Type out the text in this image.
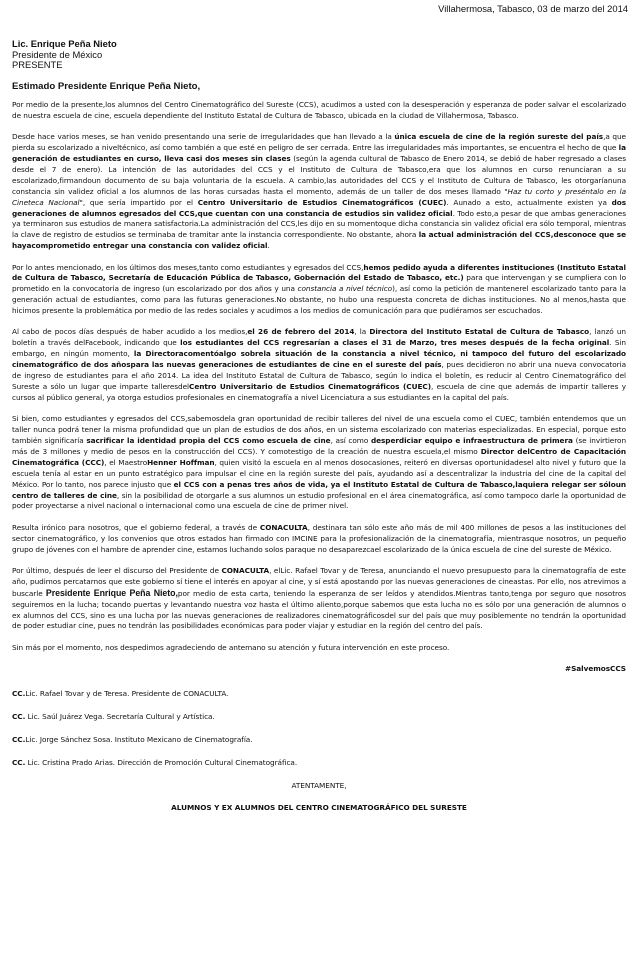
Villahermosa, Tabasco, 03 de marzo del 2014
Lic. Enrique Peña Nieto
Presidente de México
PRESENTE
Estimado Presidente Enrique Peña Nieto,

Por medio de la presente,los alumnos del Centro Cinematográfico del Sureste (CCS), acudimos a usted con la desesperación y esperanza de poder salvar el escolarizado de nuestra escuela de cine, escuela dependiente del Instituto Estatal de Cultura de Tabasco, ubicada en la ciudad de Villahermosa, Tabasco.

Desde hace varios meses, se han venido presentando una serie de irregularidades que han llevado a la única escuela de cine de la región sureste del país,a que pierda su escolarizado a niveltécnico, así como también a que esté en peligro de ser cerrada. Entre las irregularidades más importantes, se encuentra el hecho de que la generación de estudiantes en curso, lleva casi dos meses sin clases (según la agenda cultural de Tabasco de Enero 2014, se debió de haber regresado a clases desde el 7 de enero). La intención de las autoridades del CCS y el Instituto de Cultura de Tabasco,era que los alumnos en curso renunciaran a su escolarizado,firmandoun documento de su baja voluntaria de la escuela. A cambio,las autoridades del CCS y el Instituto de Cultura de Tabasco, les otorgaríanuna constancia sin validez oficial a los alumnos de las horas cursadas hasta el momento, además de un taller de dos meses llamado "Haz tu corto y preséntalo en la Cineteca Nacional", que sería impartido por el Centro Universitario de Estudios Cinematográficos (CUEC). Aunado a esto, actualmente existen ya dos generaciones de alumnos egresados del CCS,que cuentan con una constancia de estudios sin validez oficial. Todo esto,a pesar de que ambas generaciones ya terminaron sus estudios de manera satisfactoria.La administración del CCS,les dijo en su momentoque dicha constancia sin validez oficial era sólo temporal, mientras la clave de registro de estudios se terminaba de tramitar ante la instancia correspondiente. No obstante, ahora la actual administración del CCS,desconoce que se hayacomprometido entregar una constancia con validez oficial.

Por lo antes mencionado, en los últimos dos meses,tanto como estudiantes y egresados del CCS,hemos pedido ayuda a diferentes instituciones (Instituto Estatal de Cultura de Tabasco, Secretaría de Educación Pública de Tabasco, Gobernación del Estado de Tabasco, etc.) para que intervengan y se cumpliera con lo prometido en la convocatoria de ingreso (un escolarizado por dos años y una constancia a nivel técnico), así como la petición de mantenerel escolarizado tanto para la generación actual de estudiantes, como para las futuras generaciones.No obstante, no hubo una respuesta concreta de dichas instituciones. No al menos,hasta que hicimos presente la problemática por medio de las redes sociales y acudimos a los medios de comunicación para que pudiéramos ser escuchados.

Al cabo de pocos días después de haber acudido a los medios,el 26 de febrero del 2014, la Directora del Instituto Estatal de Cultura de Tabasco, lanzó un boletín a través delFacebook, indicando que los estudiantes del CCS regresarían a clases el 31 de Marzo, tres meses después de la fecha original. Sin embargo, en ningún momento, la Directoracomentóalgo sobrela situación de la constancia a nivel técnico, ni tampoco del futuro del escolarizado cinematográfico de dos añospara las nuevas generaciones de estudiantes de cine en el sureste del país, pues decidieron no abrir una nueva convocatoria de ingreso de estudiantes para el año 2014. La idea del Instituto Estatal de Cultura de Tabasco, según lo indica el boletín, es reducir al Centro Cinematográfico del Sureste a sólo un lugar que imparte talleresdelCentro Universitario de Estudios Cinematográficos (CUEC), escuela de cine que además de impartir talleres y cursos al público general, ya otorga estudios profesionales en cinematografía a nivel Licenciatura a sus estudiantes en la capital del país.

Si bien, como estudiantes y egresados del CCS,sabemosdela gran oportunidad de recibir talleres del nivel de una escuela como el CUEC, también entendemos que un taller nunca podrá tener la misma profundidad que un plan de estudios de dos años, en un sistema escolarizado con materias especializadas. En especial, porque esto también significaría sacrificar la identidad propia del CCS como escuela de cine, así como desperdiciar equipo e infraestructura de primera (se invirtieron más de 3 millones y medio de pesos en la construcción del CCS). Y comotestigo de la creación de nuestra escuela,el mismo Director delCentro de Capacitación Cinematográfica (CCC), el MaestroHenner Hoffman, quien visitó la escuela en al menos dosocasiones, reiteró en diversas oportunidadesel alto nivel y futuro que la escuela tenía al estar en un punto estratégico para impulsar el cine en la región sureste del país, ayudando así a descentralizar la industria del cine de la capital del México. Por lo tanto, nos parece injusto que el CCS con a penas tres años de vida, ya el Instituto Estatal de Cultura de Tabasco,laquiera relegar ser sóloun centro de talleres de cine, sin la posibilidad de otorgarle a sus alumnos un estudio profesional en el área cinematográfica, así como tampoco darle la oportunidad de poder proyectarse a nivel nacional o internacional como una escuela de cine de primer nivel.

Resulta irónico para nosotros, que el gobierno federal, a través de CONACULTA, destinara tan sólo este año más de mil 400 millones de pesos a las instituciones del sector cinematográfico, y los convenios que otros estados han firmado con IMCINE para la profesionalización de la cinematografía, mientrasque nosotros, un pequeño grupo de jóvenes con el hambre de aprender cine, estamos luchando solos paraque no desaparezcael escolarizado de la única escuela de cine del sureste de México.

Por último, después de leer el discurso del Presidente de CONACULTA, elLic. Rafael Tovar y de Teresa, anunciando el nuevo presupuesto para la cinematografía de este año, pudimos percatarnos que este gobierno sí tiene el interés en apoyar al cine, y sí está apostando por las nuevas generaciones de cineastas. Por ello, nos atrevimos a buscarle Presidente Enrique Peña Nieto,por medio de esta carta, teniendo la esperanza de ser leídos y atendidos.Mientras tanto,tenga por seguro que nosotros seguiremos en la lucha; tocando puertas y levantando nuestra voz hasta el último aliento,porque sabemos que esta lucha no es sólo por una generación de alumnos o ex alumnos del CCS, sino es una lucha por las nuevas generaciones de realizadores cinematográficosdel sur del país que muy posiblemente no tendrán la oportunidad de poder estudiar cine, pues no tendrán las posibilidades económicas para poder viajar y estudiar en la región del centro del país.

Sin más por el momento, nos despedimos agradeciendo de antemano su atención y futura intervención en este proceso.

#SalvemosCCS
CC.Lic. Rafael Tovar y de Teresa. Presidente de CONACULTA.
CC. Lic. Saúl Juárez Vega. Secretaría Cultural y Artística.
CC.Lic. Jorge Sánchez Sosa. Instituto Mexicano de Cinematografía.
CC. Lic. Cristina Prado Arias. Dirección de Promoción Cultural Cinematográfica.
ATENTAMENTE,
ALUMNOS Y EX ALUMNOS DEL CENTRO CINEMATOGRÁFICO DEL SURESTE
